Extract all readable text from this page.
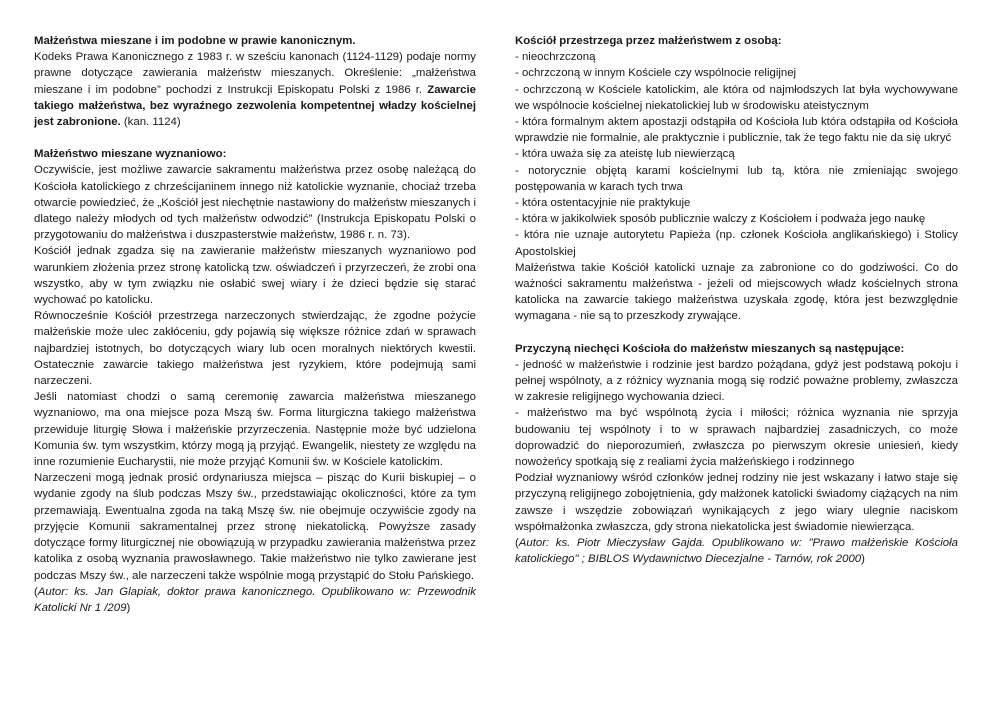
Małżeństwa mieszane i im podobne w prawie kanonicznym.

Kodeks Prawa Kanonicznego z 1983 r. w sześciu kanonach (1124-1129) podaje normy prawne dotyczące zawierania małżeństw mieszanych. Określenie: „małżeństwa mieszane i im podobne” pochodzi z Instrukcji Episkopatu Polski z 1986 r. Zawarcie takiego małżeństwa, bez wyraźnego zezwolenia kompetentnej władzy kościelnej jest zabronione. (kan. 1124)

Małżeństwo mieszane wyznaniowo:

Oczywiście, jest możliwe zawarcie sakramentu małżeństwa przez osobę należącą do Kościoła katolickiego z chrześcijaninem innego niż katolickie wyznanie, chociaż trzeba otwarcie powiedzieć, że „Kościół jest niechętnie nastawiony do małżeństw mieszanych i dlatego należy młodych od tych małżeństw odwodzić” (Instrukcja Episkopatu Polski o przygotowaniu do małżeństwa i duszpasterstwie małżeństw, 1986 r. n. 73).

Kościół jednak zgadza się na zawieranie małżeństw mieszanych wyznaniowo pod warunkiem złożenia przez stronę katolicką tzw. oświadczeń i przyrzeczeń, że zrobi ona wszystko, aby w tym związku nie osłabić swej wiary i że dzieci będzie się starać wychować po katolicku.

Równocześnie Kościół przestrzega narzeczonych stwierdzając, że zgodne pożycie małżeńskie może ulec zakłóceniu, gdy pojawią się większe różnice zdań w sprawach najbardziej istotnych, bo dotyczących wiary lub ocen moralnych niektórych kwestii. Ostatecznie zawarcie takiego małżeństwa jest ryzykiem, które podejmują sami narzeczeni.

Jeśli natomiast chodzi o samą ceremonię zawarcia małżeństwa mieszanego wyznaniowo, ma ona miejsce poza Mszą św. Forma liturgiczna takiego małżeństwa przewiduje liturgię Słowa i małżeńskie przyrzeczenia. Następnie może być udzielona Komunia św. tym wszystkim, którzy mogą ją przyjąć. Ewangelik, niestety ze względu na inne rozumienie Eucharystii, nie może przyjąć Komunii św. w Kościele katolickim.

Narzeczeni mogą jednak prosić ordynariusza miejsca – pisząc do Kurii biskupiej – o wydanie zgody na ślub podczas Mszy św., przedstawiając okoliczności, które za tym przemawiają. Ewentualna zgoda na taką Mszę św. nie obejmuje oczywiście zgody na przyjęcie Komunii sakramentalnej przez stronę niekatolicką. Powyższe zasady dotyczące formy liturgicznej nie obowiązują w przypadku zawierania małżeństwa przez katolika z osobą wyznania prawosławnego. Takie małżeństwo nie tylko zawierane jest podczas Mszy św., ale narzeczeni także wspólnie mogą przystąpić do Stołu Pańskiego.

(Autor: ks. Jan Glapiak, doktor prawa kanonicznego. Opublikowano w: Przewodnik Katolicki Nr 1 /209)

Kościół przestrzega przez małżeństwem z osobą:

- nieochrzczoną

- ochrzczoną w innym Kościele czy wspólnocie religijnej

- ochrzczoną w Kościele katolickim, ale która od najmłodszych lat była wychowywane we wspólnocie kościelnej niekatolickiej lub w środowisku ateistycznym

- która formalnym aktem apostazji odstąpiła od Kościoła lub która odstąpiła od Kościoła wprawdzie nie formalnie, ale praktycznie i publicznie, tak że tego faktu nie da się ukryć

- która uważa się za ateistę lub niewierzącą

- notorycznie objętą karami kościelnymi lub tą, która nie zmieniając swojego postępowania w karach tych trwa

- która ostentacyjnie nie praktykuje

- która w jakikolwiek sposób publicznie walczy z Kościołem i podważa jego naukę

- która nie uznaje autorytetu Papieża (np. członek Kościoła anglikańskiego) i Stolicy Apostolskiej

Małżeństwa takie Kościół katolicki uznaje za zabronione co do godziwości. Co do ważności sakramentu małżeństwa - jeżeli od miejscowych władz kościelnych strona katolicka na zawarcie takiego małżeństwa uzyskała zgodę, która jest bezwzględnie wymagana - nie są to przeszkody zrywające.

Przyczyną niechęci Kościoła do małżeństw mieszanych są następujące:

- jedność w małżeństwie i rodzinie jest bardzo pożądana, gdyż jest podstawą pokoju i pełnej wspólnoty, a z różnicy wyznania mogą się rodzić poważne problemy, zwłaszcza w zakresie religijnego wychowania dzieci.

- małżeństwo ma być wspólnotą życia i miłości; różnica wyznania nie sprzyja budowaniu tej wspólnoty i to w sprawach najbardziej zasadniczych, co może doprowadzić do nieporozumień, zwłaszcza po pierwszym okresie uniesień, kiedy nowożeńcy spotkają się z realiami życia małżeńskiego i rodzinnego

Podział wyznaniowy wśród członków jednej rodziny nie jest wskazany i łatwo staje się przyczyną religijnego zobojętnienia, gdy małżonek katolicki świadomy ciążących na nim zawsze i wszędzie zobowiązań wynikających z jego wiary ulegnie naciskom współmałżonka zwłaszcza, gdy strona niekatolicka jest świadomie niewierząca.

(Autor: ks. Piotr Mieczysław Gajda. Opublikowano w: "Prawo małżeńskie Kościoła katolickiego" ; BIBLOS Wydawnictwo Diecezjalne - Tarnów, rok 2000)
